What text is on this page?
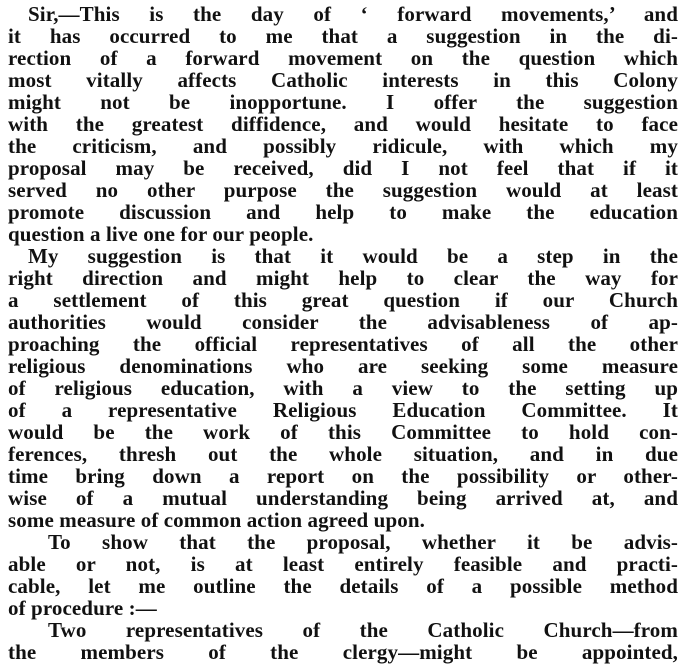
Sir,—This is the day of ‘ forward movements,’ and
it has occurred to me that a suggestion in the di-
rection of a forward movement on the question which
most vitally affects Catholic interests in this Colony
might not be inopportune. I offer the suggestion
with the greatest diffidence, and would hesitate to face
the criticism, and possibly ridicule, with which my
proposal may be received, did I not feel that if it
served no other purpose the suggestion would at least
promote discussion and help to make the education
question a live one for our people.
My suggestion is that it would be a step in the
right direction and might help to clear the way for
a settlement of this great question if our Church
authorities would consider the advisableness of ap-
proaching the official representatives of all the other
religious denominations who are seeking some measure
of religious education, with a view to the setting up
of a representative Religious Education Committee. It
would be the work of this Committee to hold con-
ferences, thresh out the whole situation, and in due
time bring down a report on the possibility or other-
wise of a mutual understanding being arrived at, and
some measure of common action agreed upon.
To show that the proposal, whether it be advis-
able or not, is at least entirely feasible and practi-
cable, let me outline the details of a possible method
of procedure :—
Two representatives of the Catholic Church—from
the members of the clergy—might be appointed,
